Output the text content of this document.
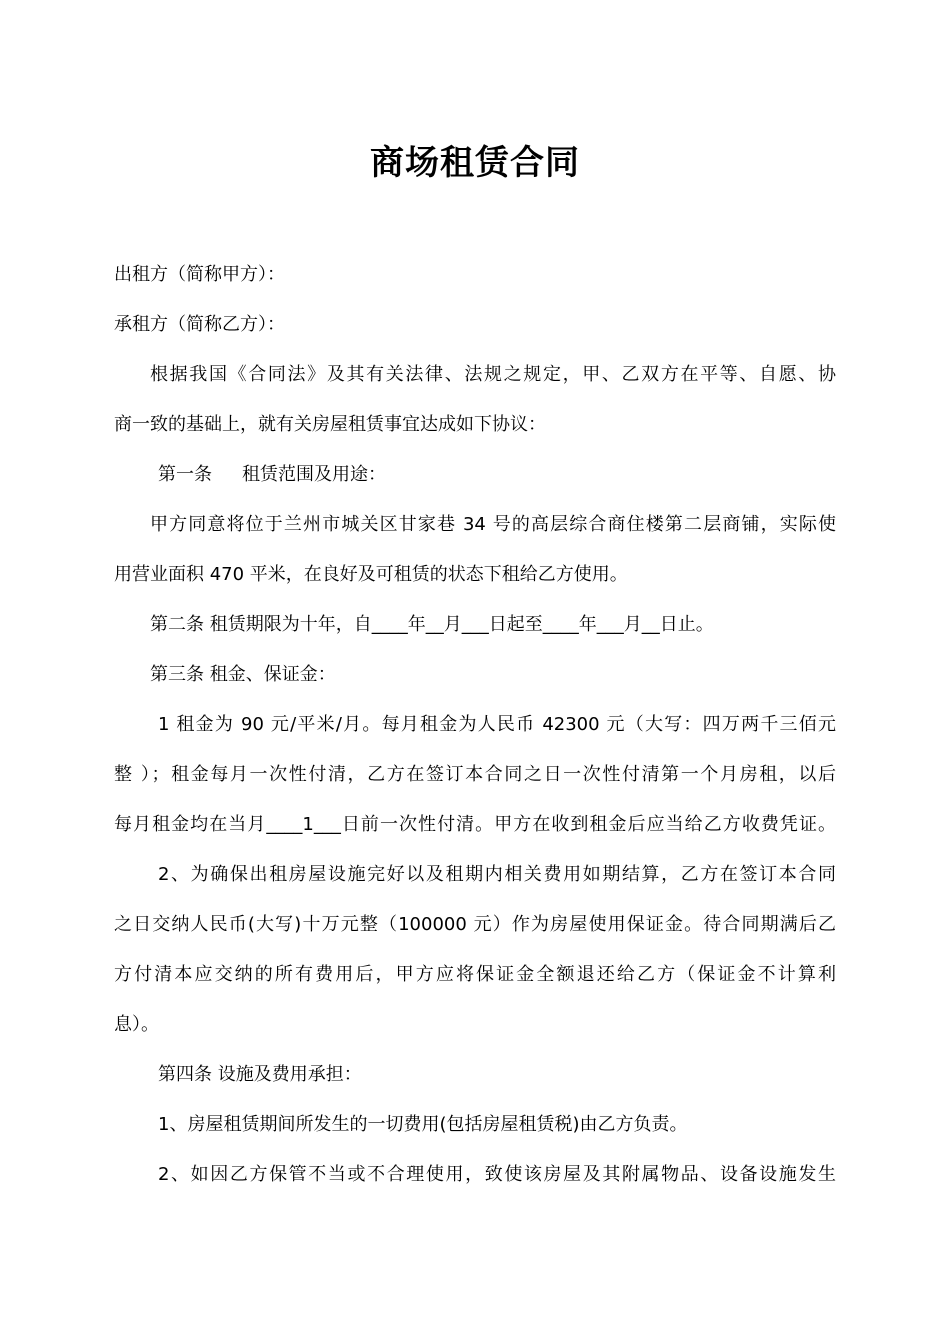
商场租赁合同
出租方（简称甲方）：
承租方（简称乙方）：
根据我国《合同法》及其有关法律、法规之规定，甲、乙双方在平等、自愿、协
商一致的基础上，就有关房屋租赁事宜达成如下协议：
第一条 租赁范围及用途：
甲方同意将位于兰州市城关区甘家巷 34 号的高层综合商住楼第二层商铺，实际使
用营业面积 470 平米，在良好及可租赁的状态下租给乙方使用。
第二条 租赁期限为十年，自____年__月___日起至____年___月__日止。
第三条 租金、保证金：
1 租金为 90 元/平米/月。每月租金为人民币 42300 元（大写：四万两千三佰元
整 ）；租金每月一次性付清，乙方在签订本合同之日一次性付清第一个月房租，以后
每月租金均在当月____1___日前一次性付清。甲方在收到租金后应当给乙方收费凭证。
2、为确保出租房屋设施完好以及租期内相关费用如期结算，乙方在签订本合同
之日交纳人民币(大写)十万元整（100000 元）作为房屋使用保证金。待合同期满后乙
方付清本应交纳的所有费用后，甲方应将保证金全额退还给乙方（保证金不计算利
息）。
第四条 设施及费用承担：
1、房屋租赁期间所发生的一切费用(包括房屋租赁税)由乙方负责。
2、如因乙方保管不当或不合理使用，致使该房屋及其附属物品、设备设施发生
